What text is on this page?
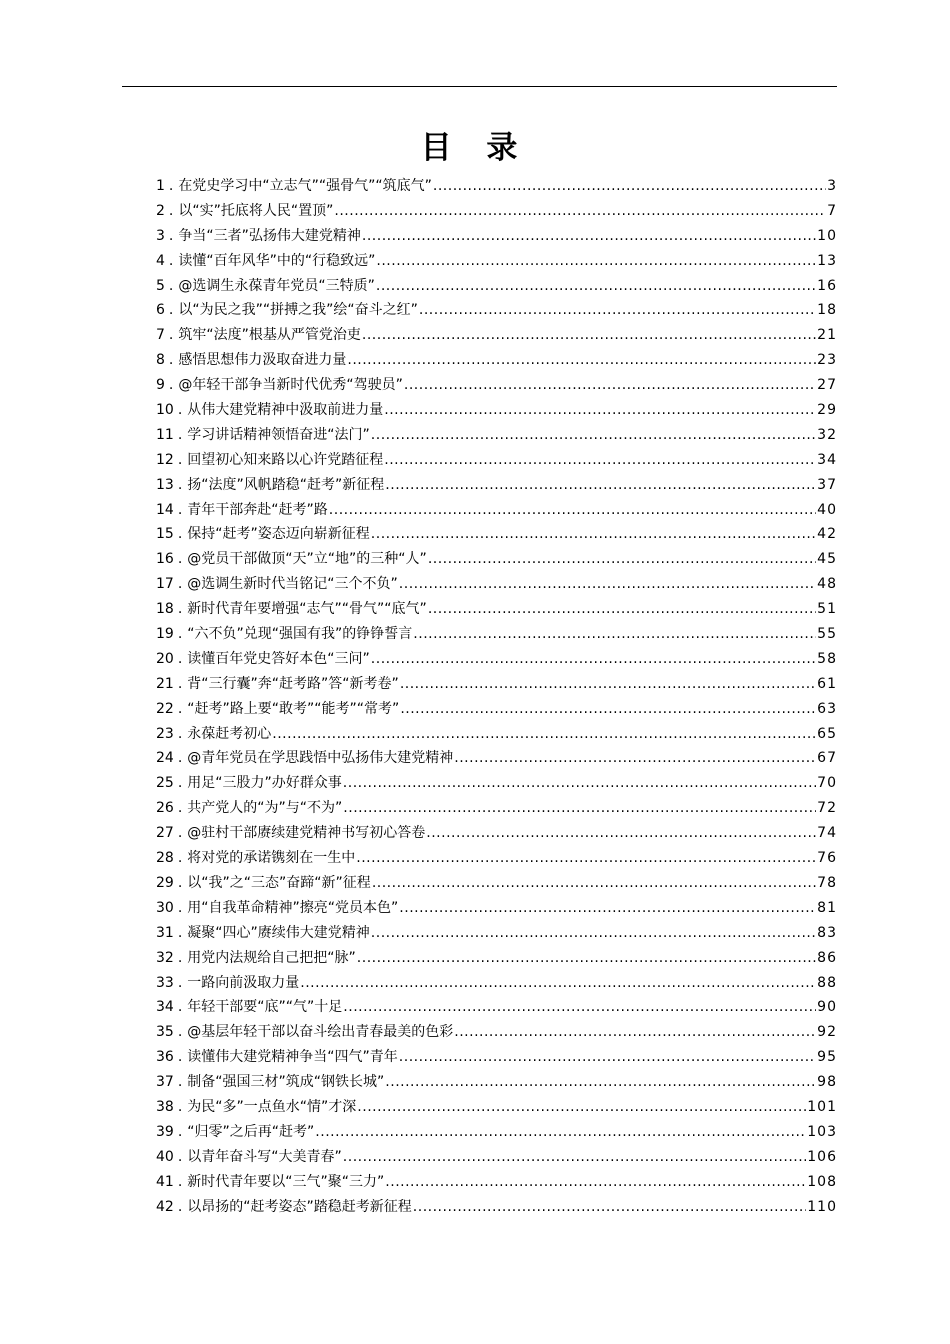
目 录
1 . 在党史学习中“立志气”“强骨气”“筑底气” .....	3
2 . 以“实”托底将人民“置顶” .....	7
3 . 争当“三者”弘扬伟大建党精神 .....	10
4 . 读懂“百年风华”中的“行稳致远” .....	13
5 . @选调生永葆青年党员“三特质” .....	16
6 . 以“为民之我”“拼搏之我”绘“奋斗之红” .....	18
7 . 筑牢“法度”根基从严管党治吏 .....	21
8 . 感悟思想伟力汲取奋进力量 .....	23
9 . @年轻干部争当新时代优秀“驾驶员” .....	27
10 . 从伟大建党精神中汲取前进力量 .....	29
11 . 学习讲话精神领悟奋进“法门” .....	32
12 . 回望初心知来路以心许党踏征程 .....	34
13 . 扬“法度”风帆踏稳“赶考”新征程 .....	37
14 . 青年干部奔赴“赶考”路 .....	40
15 . 保持“赶考”姿态迈向崭新征程 .....	42
16 . @党员干部做顶“天”立“地”的三种“人” .....	45
17 . @选调生新时代当铭记“三个不负” .....	48
18 . 新时代青年要增强“志气”“骨气”“底气” .....	51
19 . “六不负”兑现“强国有我”的铮铮誓言 .....	55
20 . 读懂百年党史答好本色“三问” .....	58
21 . 背“三行囊”奔“赶考路”答“新考卷” .....	61
22 . “赶考”路上要“敢考”“能考”“常考” .....	63
23 . 永葆赶考初心 .....	65
24 . @青年党员在学思践悟中弘扬伟大建党精神 .....	67
25 . 用足“三股力”办好群众事 .....	70
26 . 共产党人的“为”与“不为” .....	72
27 . @驻村干部赓续建党精神书写初心答卷 .....	74
28 . 将对党的承诺镌刻在一生中 .....	76
29 . 以“我”之“三态”奋蹄“新”征程 .....	78
30 . 用“自我革命精神”擦亮“党员本色” .....	81
31 . 凝聚“四心”赓续伟大建党精神 .....	83
32 . 用党内法规给自己把把“脉” .....	86
33 . 一路向前汲取力量 .....	88
34 . 年轻干部要“底”“气”十足 .....	90
35 . @基层年轻干部以奋斗绘出青春最美的色彩 .....	92
36 . 读懂伟大建党精神争当“四气”青年 .....	95
37 . 制备“强国三材”筑成“钢铁长城” .....	98
38 . 为民“多”一点鱼水“情”才深 .....	101
39 . “归零”之后再“赶考” .....	103
40 . 以青年奋斗写“大美青春” .....	106
41 . 新时代青年要以“三气”聚“三力” .....	108
42 . 以昂扬的“赶考姿态”踏稳赶考新征程 .....	110
